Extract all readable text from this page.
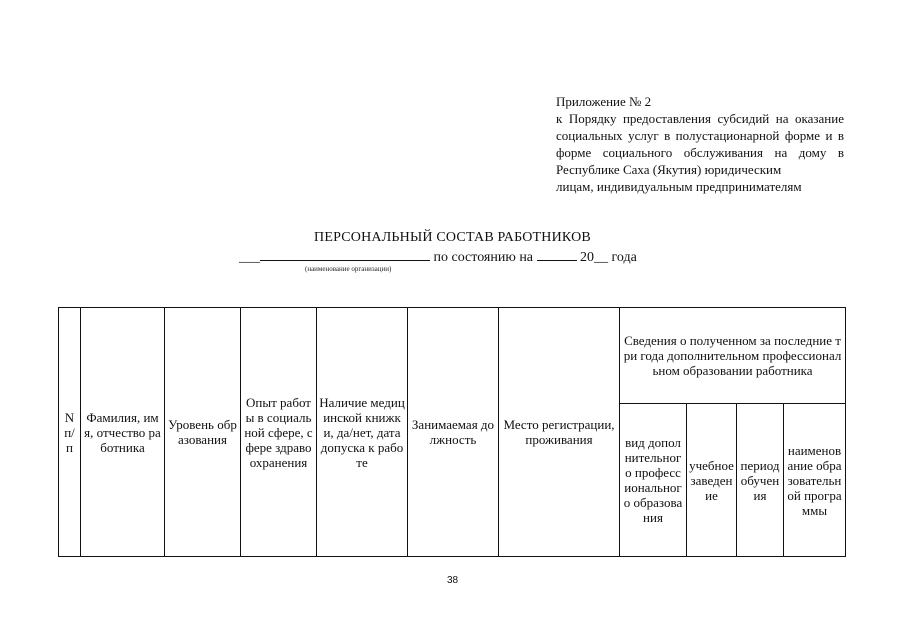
Приложение № 2
к Порядку предоставления субсидий на оказание социальных услуг в полустационарной форме и в форме социального обслуживания на дому в Республике Саха (Якутия) юридическим
лицам, индивидуальным предпринимателям
ПЕРСОНАЛЬНЫЙ СОСТАВ РАБОТНИКОВ
___	по состоянию на	20__ года
(наименование организации)
N п/п	Фамилия, имя, отчество работника	Уровень образования	Опыт работы в социальной сфере, сфере здравоохранения	Наличие медицинской книжки, да/нет, дата допуска к работе	Занимаемая должность	Место регистрации, проживания	Сведения о полученном за последние три года дополнительном профессиональном образовании работника			
							вид дополнительного профессионального образования	учебное заведение	период обучения	наименование образовательной программы
38
